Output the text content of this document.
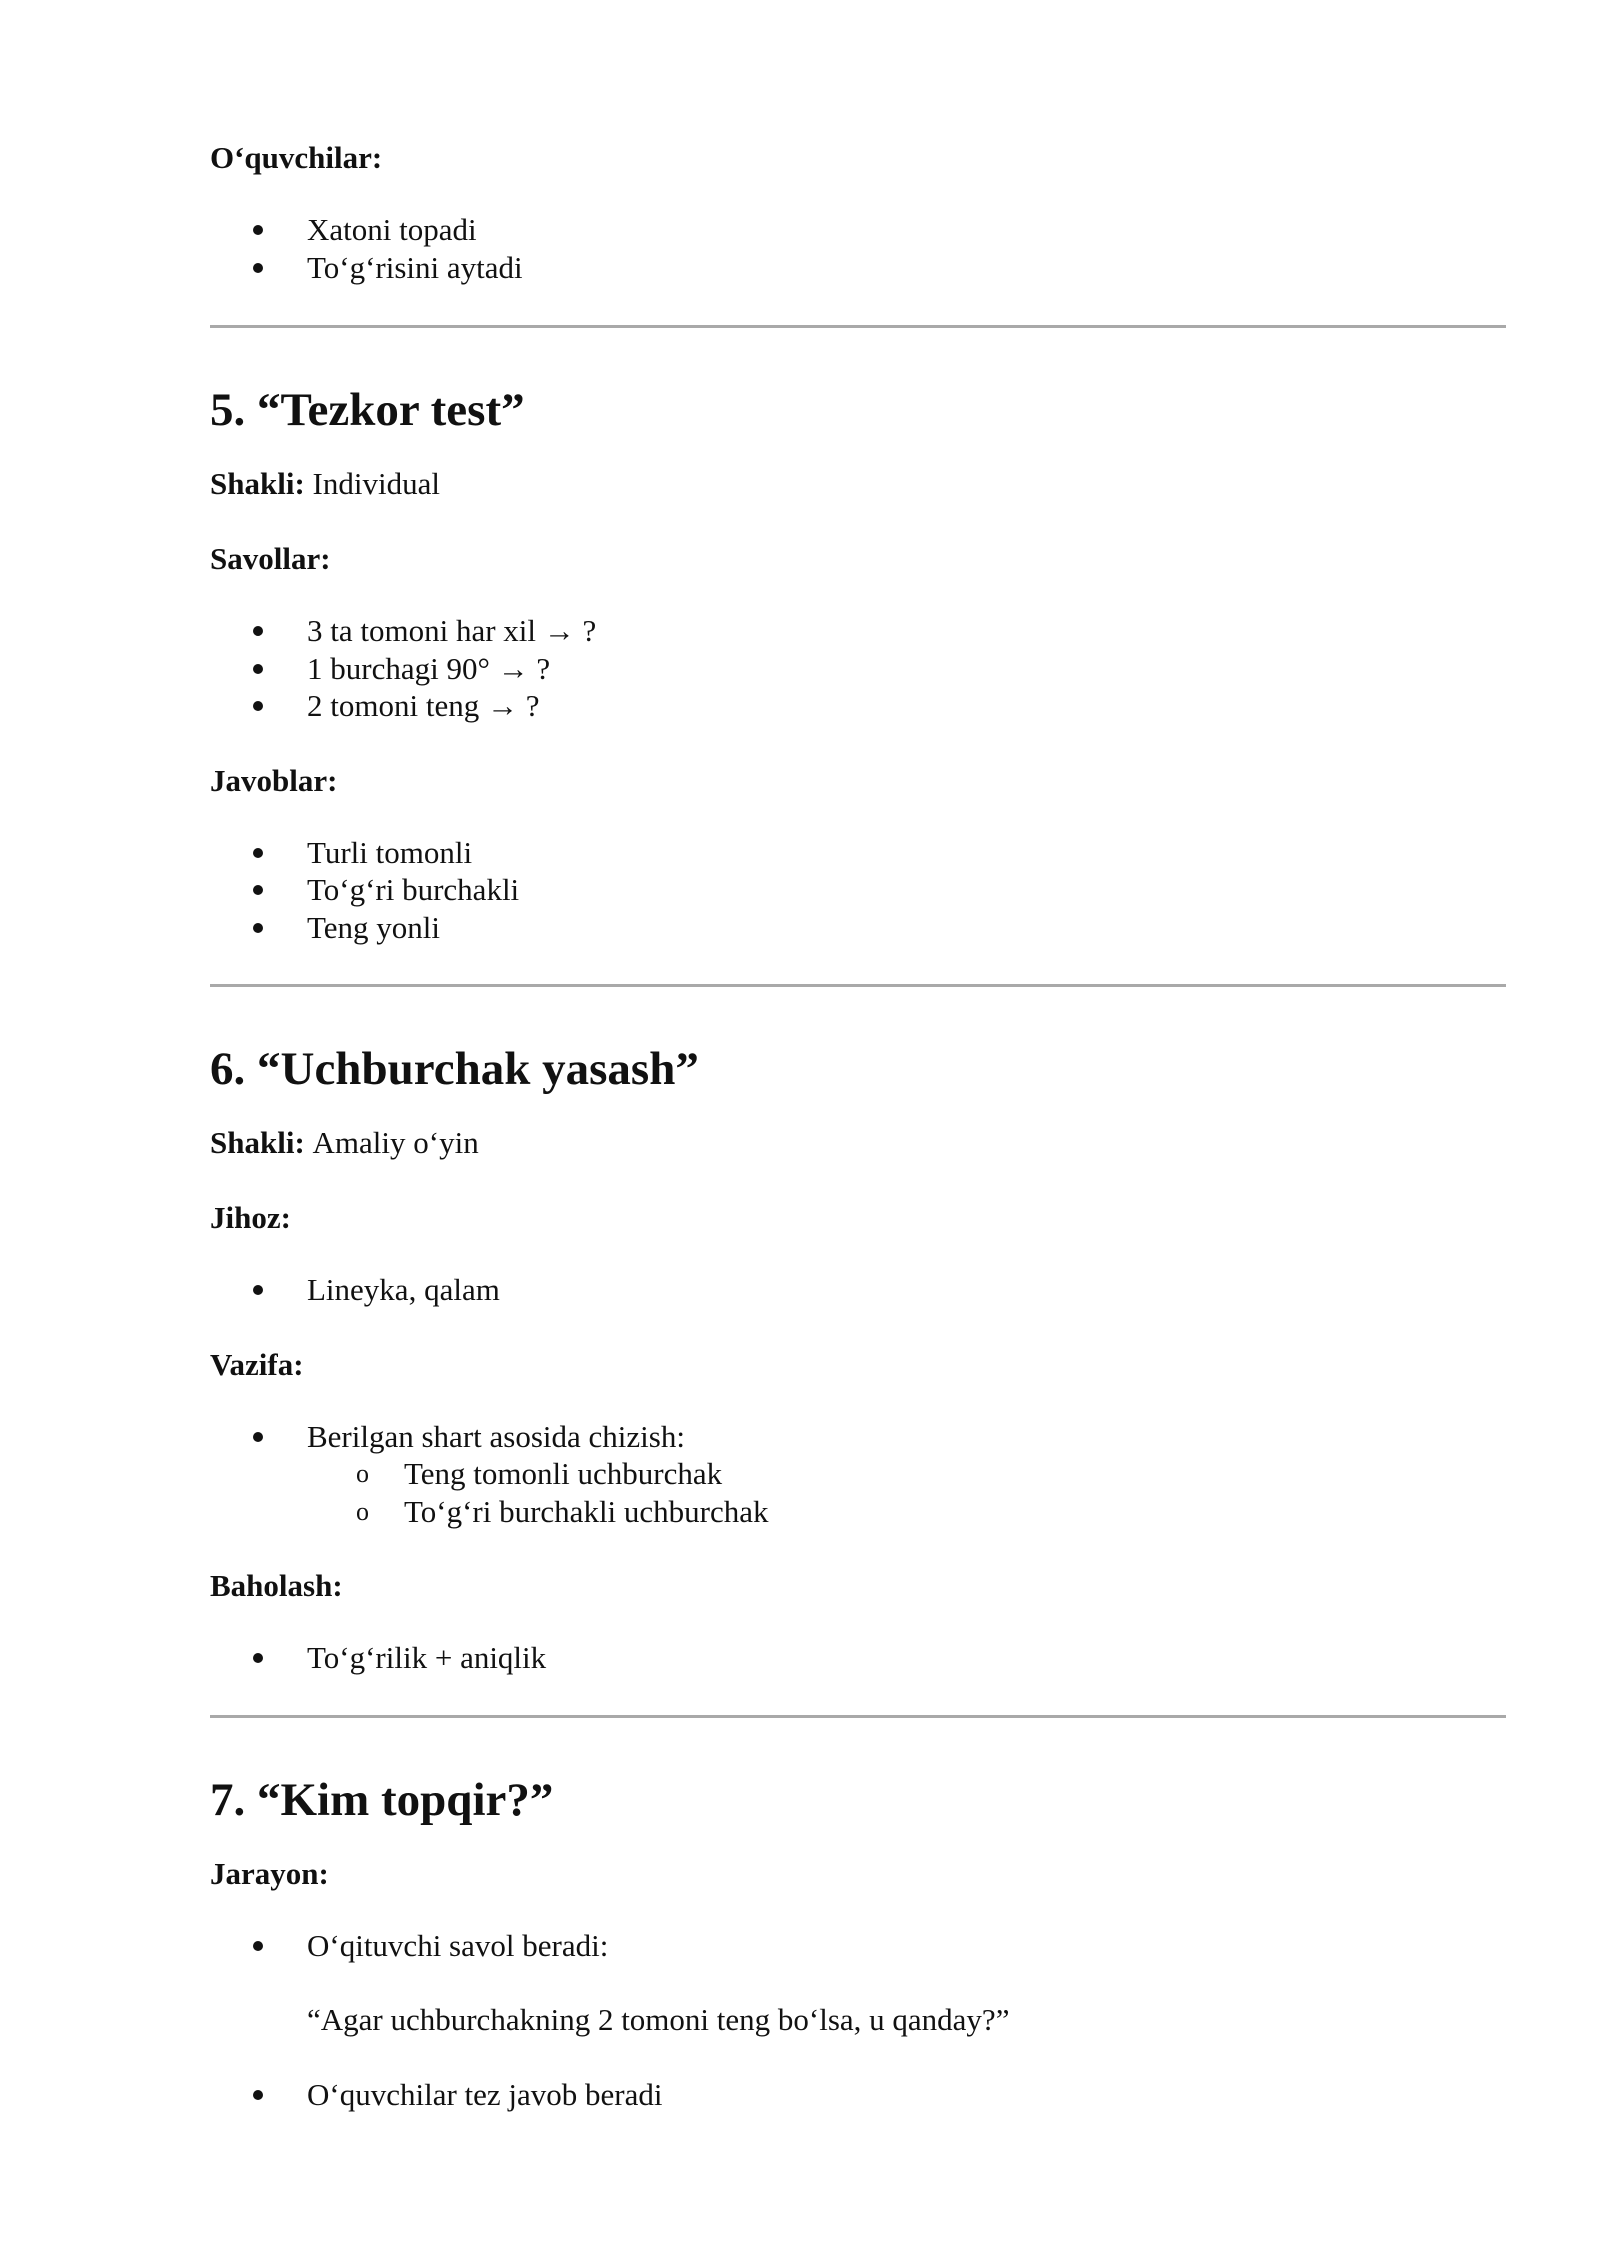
O‘quvchilar:

Xatoni topadi
To‘g‘risini aytadi
5. “Tezkor test”

Shakli: Individual

Savollar:

3 ta tomoni har xil → ?
1 burchagi 90° → ?
2 tomoni teng → ?

Javoblar:

Turli tomonli
To‘g‘ri burchakli
Teng yonli
6. “Uchburchak yasash”

Shakli: Amaliy o‘yin

Jihoz:

Lineyka, qalam

Vazifa:

Berilgan shart asosida chizish:
o Teng tomonli uchburchak
o To‘g‘ri burchakli uchburchak

Baholash:

To‘g‘rilik + aniqlik
7. “Kim topqir?”

Jarayon:

O‘qituvchi savol beradi:

“Agar uchburchakning 2 tomoni teng bo‘lsa, u qanday?”

O‘quvchilar tez javob beradi
